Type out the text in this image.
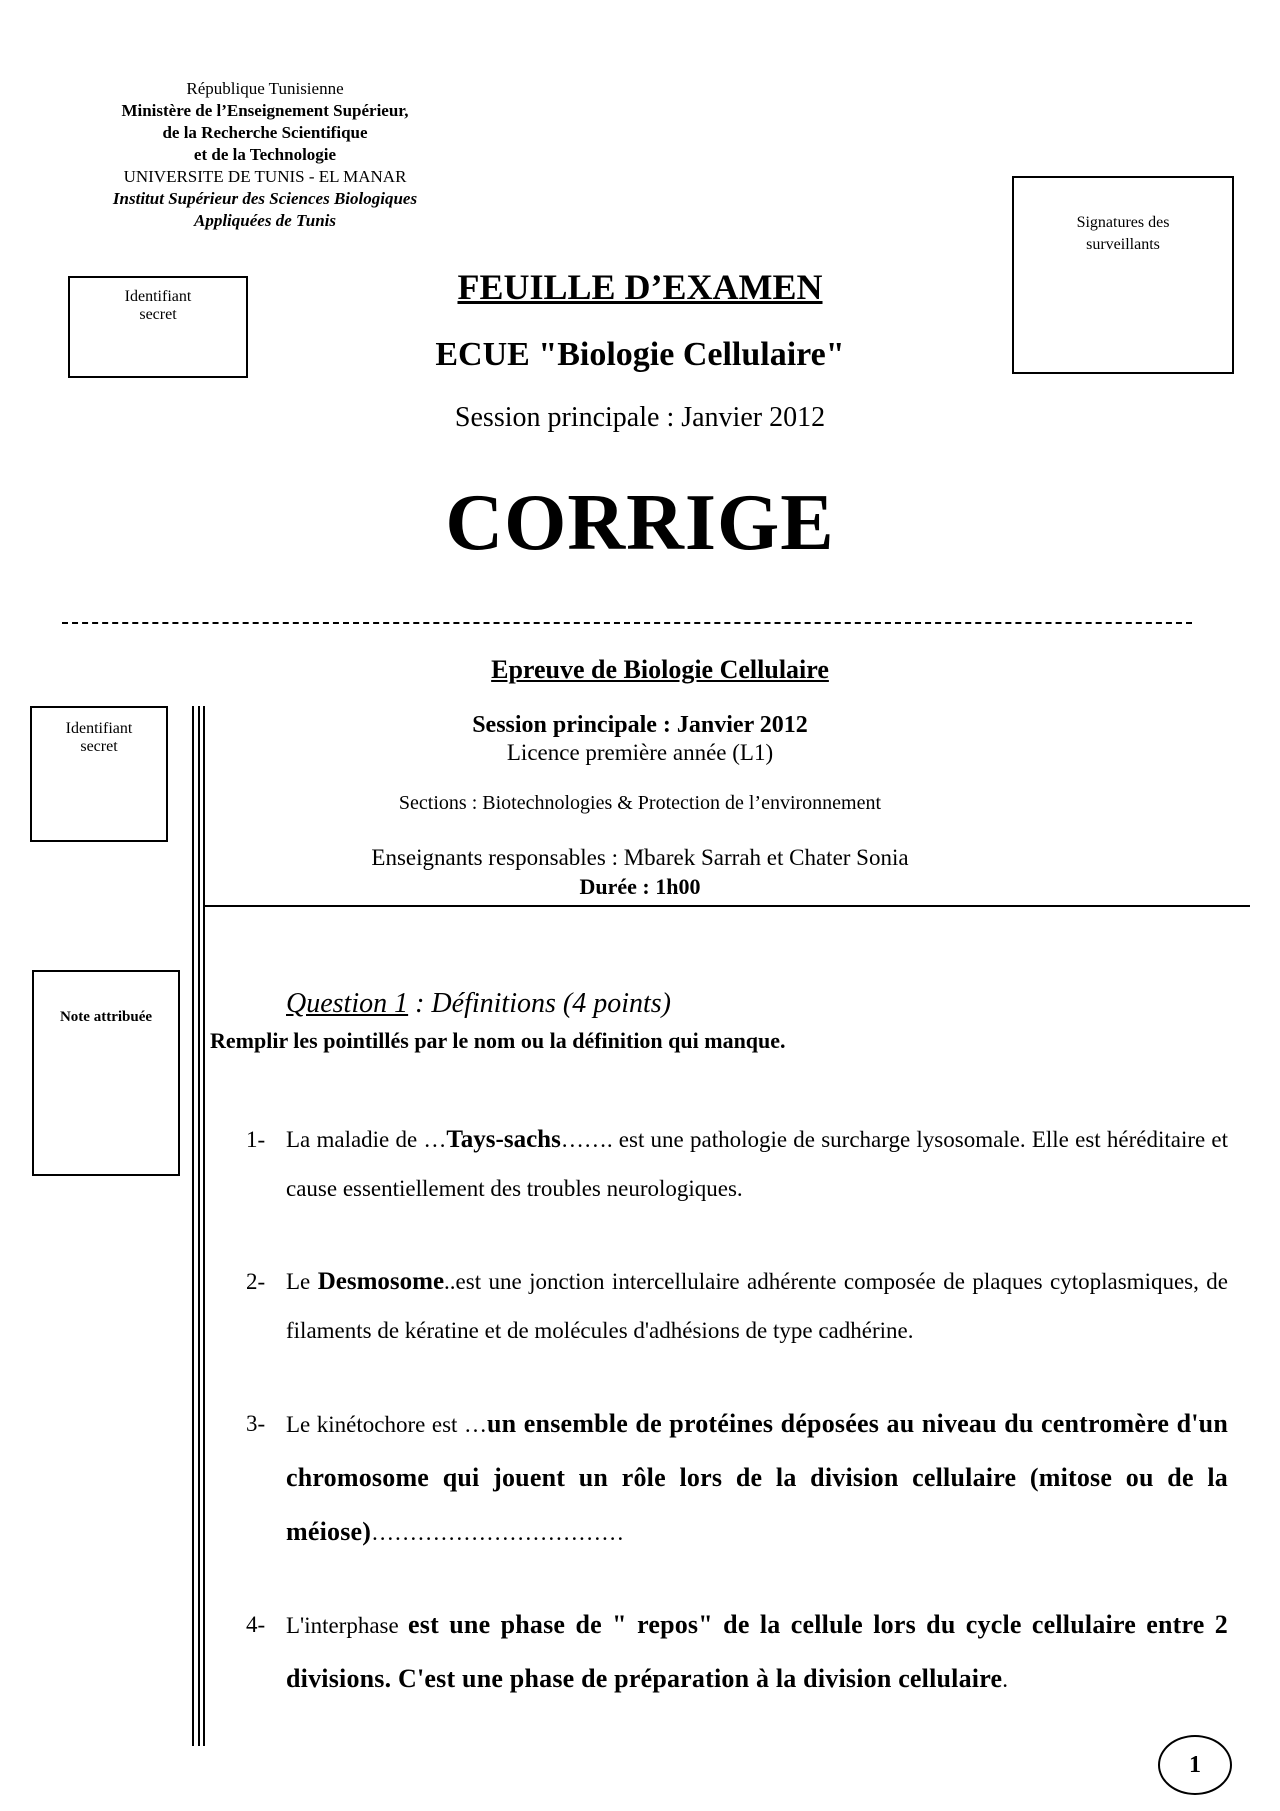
République Tunisienne
Ministère de l’Enseignement Supérieur,
de la Recherche Scientifique
et de la Technologie
UNIVERSITE DE TUNIS - EL MANAR
Institut Supérieur des Sciences Biologiques
Appliquées de Tunis
Identifiant
secret
Signatures des
surveillants
FEUILLE D’EXAMEN
ECUE "Biologie Cellulaire"
Session principale : Janvier 2012
CORRIGE
Epreuve de Biologie Cellulaire
Identifiant
secret
Session principale : Janvier 2012
Licence première année (L1)
Sections : Biotechnologies & Protection de l’environnement
Enseignants responsables : Mbarek Sarrah et Chater Sonia
Durée : 1h00
Note attribuée	Question 1 : Définitions (4 points)
Remplir les pointillés par le nom ou la définition qui manque.
1- La maladie de …Tays-sachs……. est une pathologie de surcharge lysosomale. Elle est héréditaire et cause essentiellement des troubles neurologiques.
2- Le Desmosome..est une jonction intercellulaire adhérente composée de plaques cytoplasmiques, de filaments de kératine et de molécules d'adhésions de type cadhérine.
3- Le kinétochore est …un ensemble de protéines déposées au niveau du centromère d'un chromosome qui jouent un rôle lors de la division cellulaire (mitose ou de la méiose)……………………………
4- L'interphase est une phase de " repos" de la cellule lors du cycle cellulaire entre 2 divisions. C'est une phase de préparation à la division cellulaire.
1
